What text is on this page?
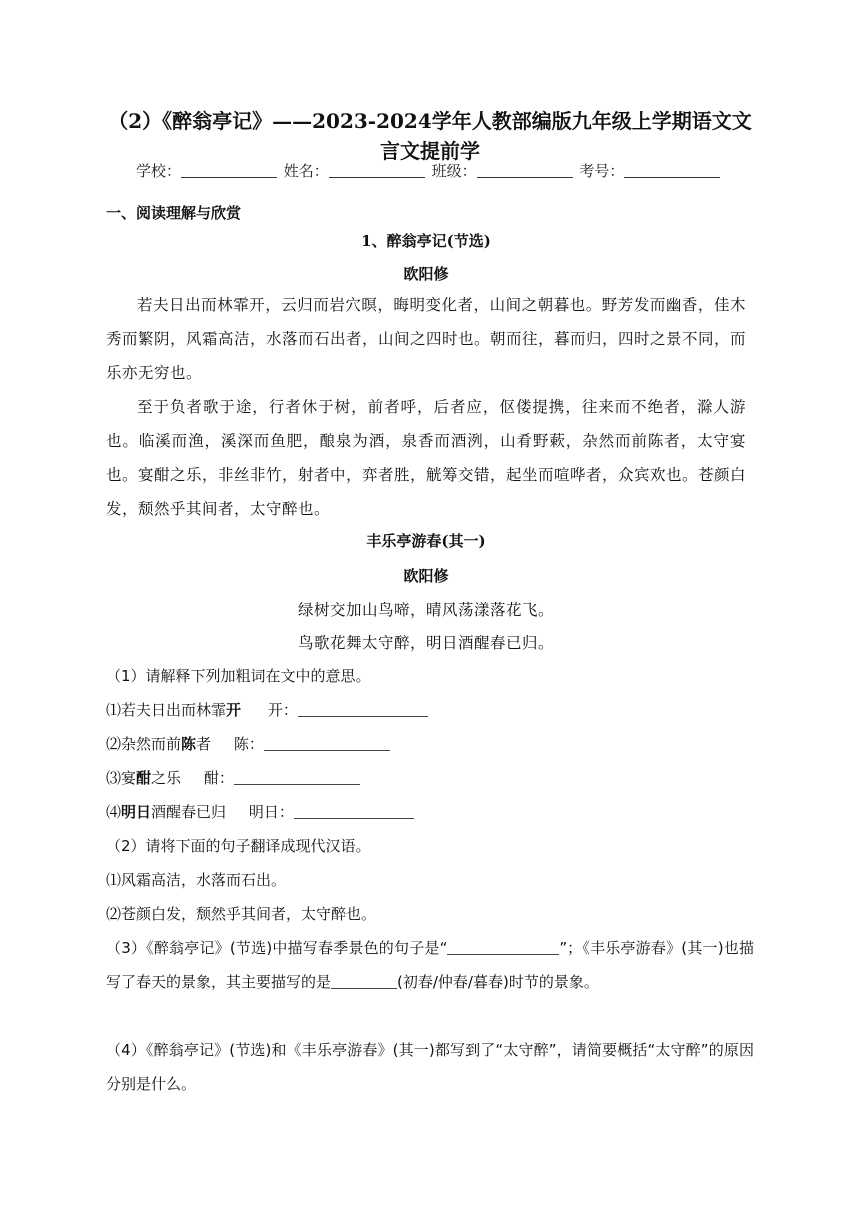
（2）《醉翁亭记》——2023-2024学年人教部编版九年级上学期语文文言文提前学
学校：	姓名：	班级：	考号：
一、阅读理解与欣赏
1、醉翁亭记(节选)
欧阳修
若夫日出而林霏开，云归而岩穴暝，晦明变化者，山间之朝暮也。野芳发而幽香，佳木秀而繁阴，风霜高洁，水落而石出者，山间之四时也。朝而往，暮而归，四时之景不同，而乐亦无穷也。
至于负者歌于途，行者休于树，前者呼，后者应，伛偻提携，往来而不绝者，滁人游也。临溪而渔，溪深而鱼肥，酿泉为酒，泉香而酒洌，山肴野蔌，杂然而前陈者，太守宴也。宴酣之乐，非丝非竹，射者中，弈者胜，觥筹交错，起坐而喧哗者，众宾欢也。苍颜白发，颓然乎其间者，太守醉也。
丰乐亭游春(其一)
欧阳修
绿树交加山鸟啼，晴风荡漾落花飞。
鸟歌花舞太守醉，明日酒醒春已归。
（1）请解释下列加粗词在文中的意思。
⑴若夫日出而林霏开 开：
⑵杂然而前陈者 陈：
⑶宴酣之乐 酣：
⑷明日酒醒春已归 明日：
（2）请将下面的句子翻译成现代汉语。
⑴风霜高洁，水落而石出。
⑵苍颜白发，颓然乎其间者，太守醉也。
（3）《醉翁亭记》(节选)中描写春季景色的句子是“	”；《丰乐亭游春》(其一)也描写了春天的景象，其主要描写的是	(初春/仲春/暮春)时节的景象。
（4）《醉翁亭记》(节选)和《丰乐亭游春》(其一)都写到了“太守醉”，请简要概括“太守醉”的原因分别是什么。
